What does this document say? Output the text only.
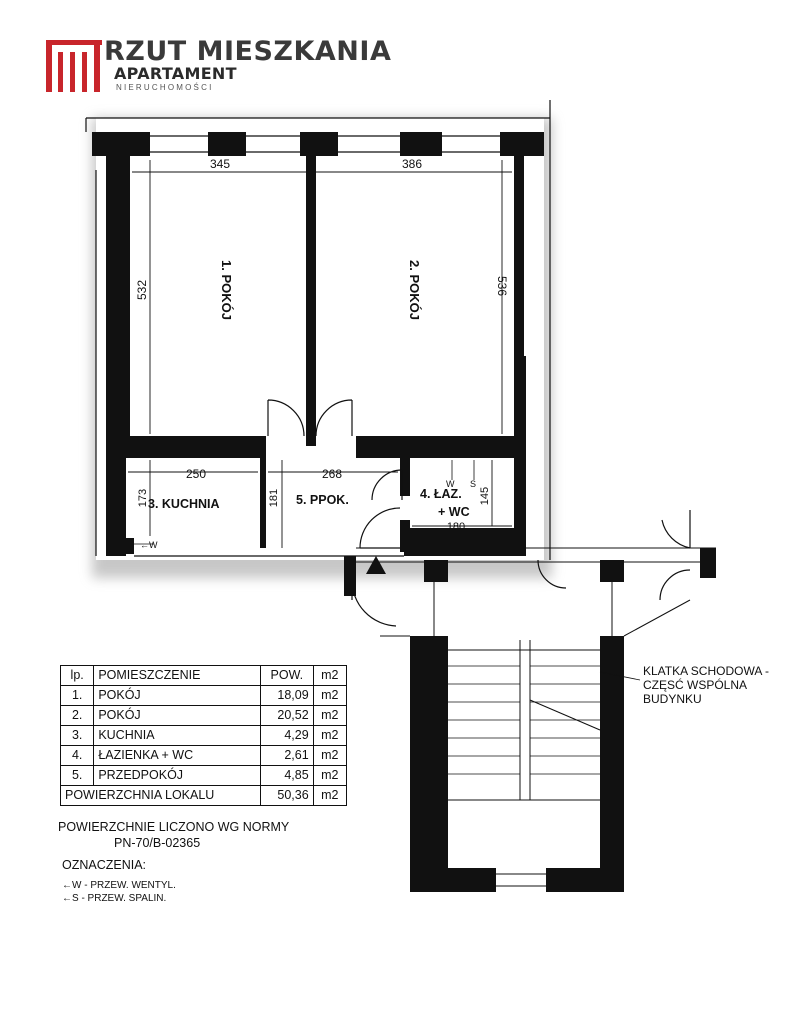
1. POKÓJ	2. POKÓJ
3. KUCHNIA	5. PPOK.	4. ŁAZ.
+ WC
345	386
532	536
250	268
173	181	145
180
W S
←W
RZUT MIESZKANIA
APARTAMENT
NIERUCHOMOŚCI
KLATKA SCHODOWA -
CZĘSĆ WSPÓLNA
BUDYNKU
lp.	POMIESZCZENIE	POW.	m2
1.	POKÓJ	18,09	m2
2.	POKÓJ	20,52	m2
3.	KUCHNIA	4,29	m2
4.	ŁAZIENKA + WC	2,61	m2
5.	PRZEDPOKÓJ	4,85	m2
POWIERZCHNIA LOKALU		50,36	m2
POWIERZCHNIE LICZONO WG NORMY
PN-70/B-02365
OZNACZENIA:
←W - PRZEW. WENTYL.
←S - PRZEW. SPALIN.
